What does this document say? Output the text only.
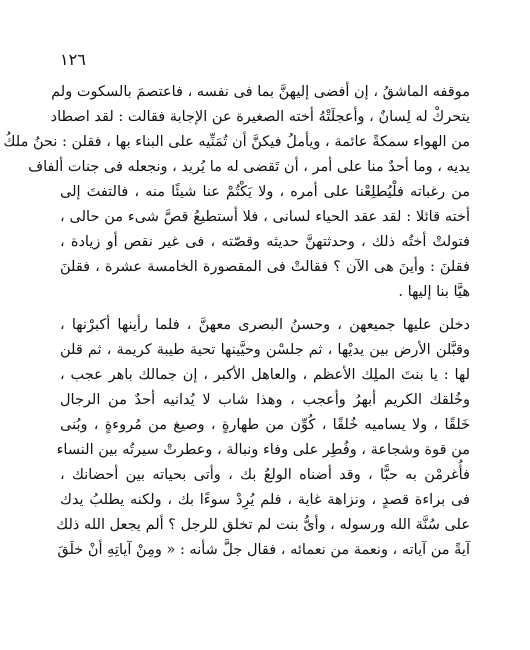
١٢٦
موقفه الماشقُ ، إن أفضى إليهنَّ بما فى نفسه ، فاعتصمَ بالسكوت ولم
يتحركْ له لِسانٌ ، وأعجلَتْهُ أخته الصغيرة عن الإجابة فقالت : لقد اصطاد
من الهواء سمكةً عائمة ، ويأملُ فيكنَّ أن تُمَنِّيه على البناء بها ، فقلن : نحنُ ملكُ
يديه ، وما أحدٌ منا على أمر ، أن تَقضى له ما يُريد ، ونجعله فى جنات ألفاف
من رغباته فلْيُطلِعْنا على أمره ، ولا يَكْتُمْ عنا شيئًا منه ، فالتفتَ إلى
أخته قائلا : لقد عقد الحياء لسانى ، فلا أستطيعُ قصَّ شىء من حالى ،
فتولتْ أختُه ذلك ، وحدثتهنَّ حديثه وقصّته ، فى غير نقص أو زيادة ،
فقلنَ : وأينَ هى الآن ؟ فقالتْ فى المقصورة الخامسة عشرة ، فقلنَ
هيَّا بنا إليها .
دخلن عليها جميعهن ، وحسنُ البصرى معهنَّ ، فلما رأينها أكبرْنها ،
وقبَّلن الأرض بين يديْها ، ثم جلسْن وحيَّينها تحية طيبة كريمة ، ثم قلن
لها : يا بنتَ الملِك الأعظم ، والعاهل الأكبر ، إن جمالك باهر عجب ،
وخُلقك الكريم أبهرُ وأعجب ، وهذا شاب لا يُدانيه أحدٌ من الرجال
خَلقًا ، ولا يساميه خُلقًا ، كُوِّن من طهارةٍ ، وصيغ من مُروءةٍ ، وبُنى
من قوة وشجاعة ، وفُطِر على وفاء ونبالة ، وعطرتْ سيرتُه بين النساء
فأُغرمْن به حبًّا ، وقد أضناه الولعُ بك ، وأتى بحياته بين أحضانك ،
فى براءة قصدٍ ، ونزاهة غاية ، فلم يُرِدْ سوءًا بك ، ولكنه يطلبُ يدك
على سُنَّة الله ورسوله ، وأىُّ بنت لم تخلق للرجل ؟ ألم يجعل الله ذلك
آيةً من آياته ، ونعمة من نعمائه ، فقال جلَّ شأنه : « ومِنْ آياتِهِ أنْ خلَقَ
